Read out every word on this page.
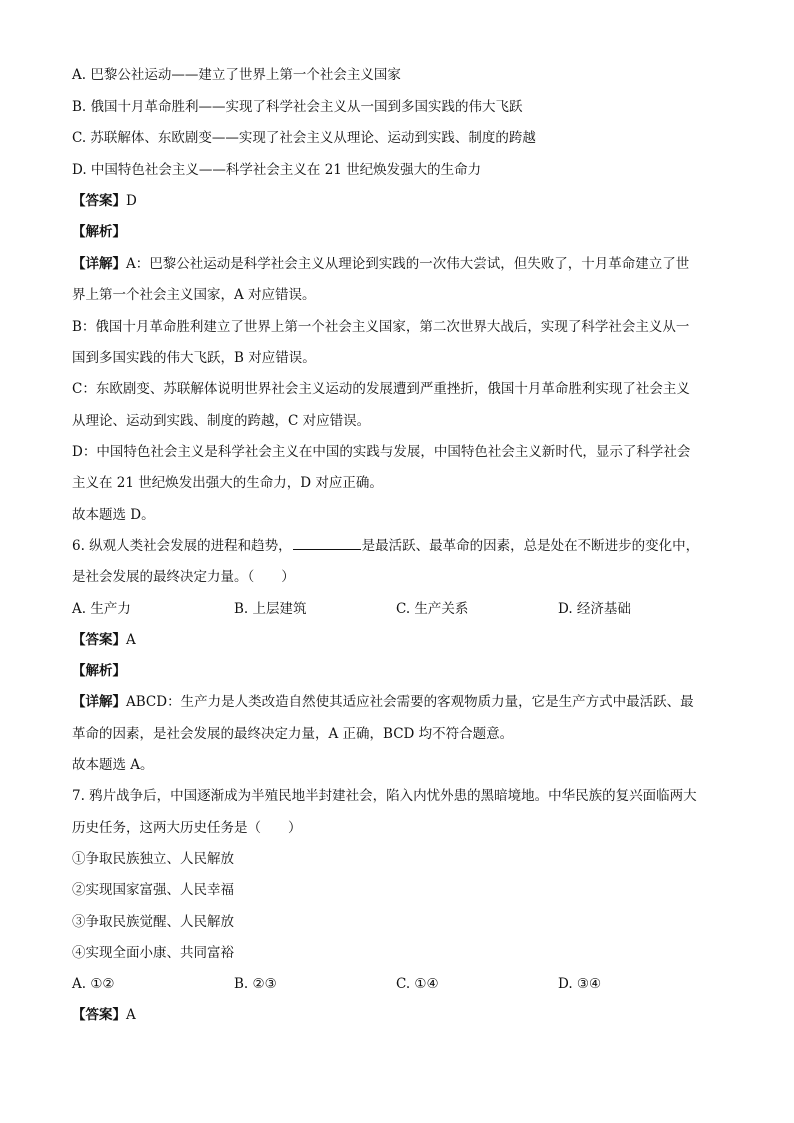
A. 巴黎公社运动——建立了世界上第一个社会主义国家
B. 俄国十月革命胜利——实现了科学社会主义从一国到多国实践的伟大飞跃
C. 苏联解体、东欧剧变——实现了社会主义从理论、运动到实践、制度的跨越
D. 中国特色社会主义——科学社会主义在 21 世纪焕发强大的生命力
【答案】D
【解析】
【详解】A：巴黎公社运动是科学社会主义从理论到实践的一次伟大尝试，但失败了，十月革命建立了世
界上第一个社会主义国家，A 对应错误。
B：俄国十月革命胜利建立了世界上第一个社会主义国家，第二次世界大战后，实现了科学社会主义从一
国到多国实践的伟大飞跃，B 对应错误。
C：东欧剧变、苏联解体说明世界社会主义运动的发展遭到严重挫折，俄国十月革命胜利实现了社会主义
从理论、运动到实践、制度的跨越，C 对应错误。
D：中国特色社会主义是科学社会主义在中国的实践与发展，中国特色社会主义新时代，显示了科学社会
主义在 21 世纪焕发出强大的生命力，D 对应正确。
故本题选 D。
6. 纵观人类社会发展的进程和趋势，	是最活跃、最革命的因素，总是处在不断进步的变化中，
是社会发展的最终决定力量。（　　）
A. 生产力	B. 上层建筑	C. 生产关系	D. 经济基础
【答案】A
【解析】
【详解】ABCD：生产力是人类改造自然使其适应社会需要的客观物质力量，它是生产方式中最活跃、最
革命的因素，是社会发展的最终决定力量，A 正确，BCD 均不符合题意。
故本题选 A。
7. 鸦片战争后，中国逐渐成为半殖民地半封建社会，陷入内忧外患的黑暗境地。中华民族的复兴面临两大
历史任务，这两大历史任务是（　　）
①争取民族独立、人民解放
②实现国家富强、人民幸福
③争取民族觉醒、人民解放
④实现全面小康、共同富裕
A. ①②	B. ②③	C. ①④	D. ③④
【答案】A
